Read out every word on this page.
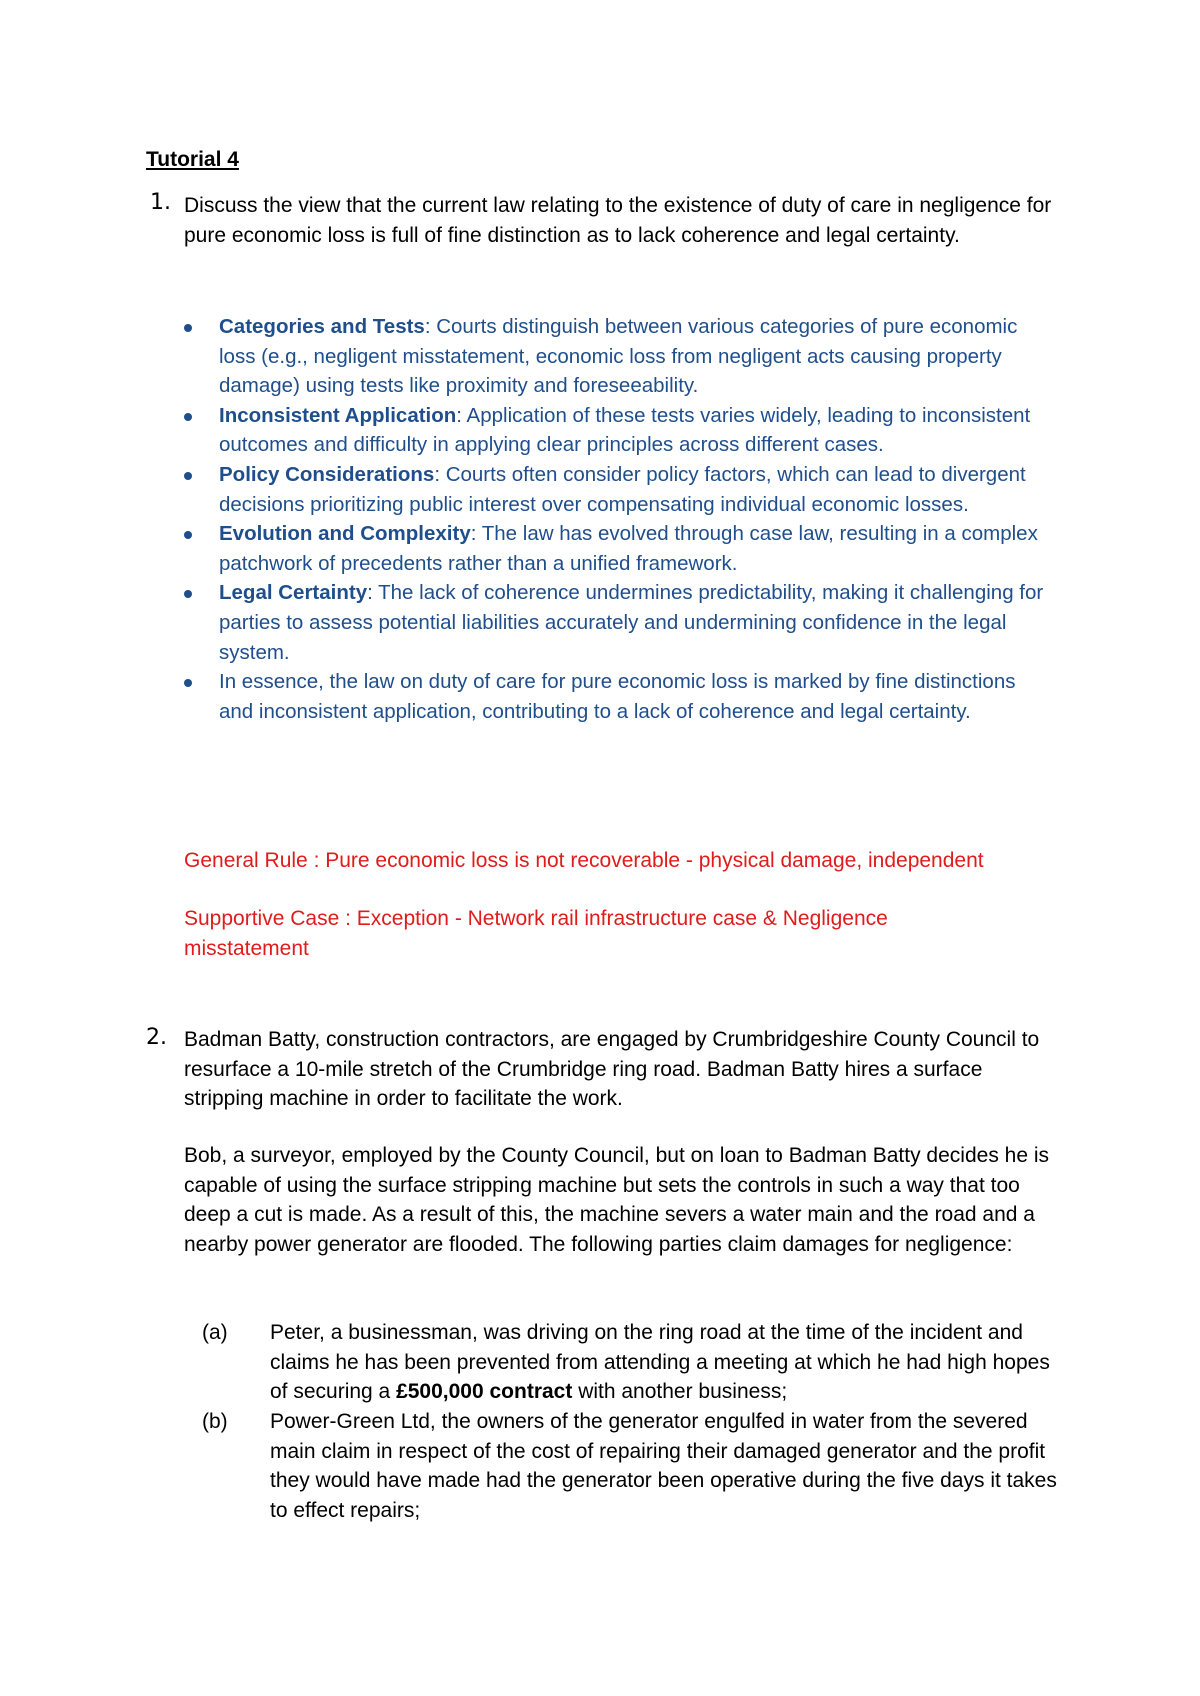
Tutorial 4
1. Discuss the view that the current law relating to the existence of duty of care in negligence for pure economic loss is full of fine distinction as to lack coherence and legal certainty.

Categories and Tests: Courts distinguish between various categories of pure economic loss (e.g., negligent misstatement, economic loss from negligent acts causing property damage) using tests like proximity and foreseeability.
Inconsistent Application: Application of these tests varies widely, leading to inconsistent outcomes and difficulty in applying clear principles across different cases.
Policy Considerations: Courts often consider policy factors, which can lead to divergent decisions prioritizing public interest over compensating individual economic losses.
Evolution and Complexity: The law has evolved through case law, resulting in a complex patchwork of precedents rather than a unified framework.
Legal Certainty: The lack of coherence undermines predictability, making it challenging for parties to assess potential liabilities accurately and undermining confidence in the legal system.
In essence, the law on duty of care for pure economic loss is marked by fine distinctions and inconsistent application, contributing to a lack of coherence and legal certainty.

General Rule : Pure economic loss is not recoverable - physical damage, independent

Supportive Case : Exception - Network rail infrastructure case & Negligence misstatement

2. Badman Batty, construction contractors, are engaged by Crumbridgeshire County Council to resurface a 10-mile stretch of the Crumbridge ring road. Badman Batty hires a surface stripping machine in order to facilitate the work.

Bob, a surveyor, employed by the County Council, but on loan to Badman Batty decides he is capable of using the surface stripping machine but sets the controls in such a way that too deep a cut is made. As a result of this, the machine severs a water main and the road and a nearby power generator are flooded. The following parties claim damages for negligence:

(a) Peter, a businessman, was driving on the ring road at the time of the incident and claims he has been prevented from attending a meeting at which he had high hopes of securing a £500,000 contract with another business;
(b) Power-Green Ltd, the owners of the generator engulfed in water from the severed main claim in respect of the cost of repairing their damaged generator and the profit they would have made had the generator been operative during the five days it takes to effect repairs;
